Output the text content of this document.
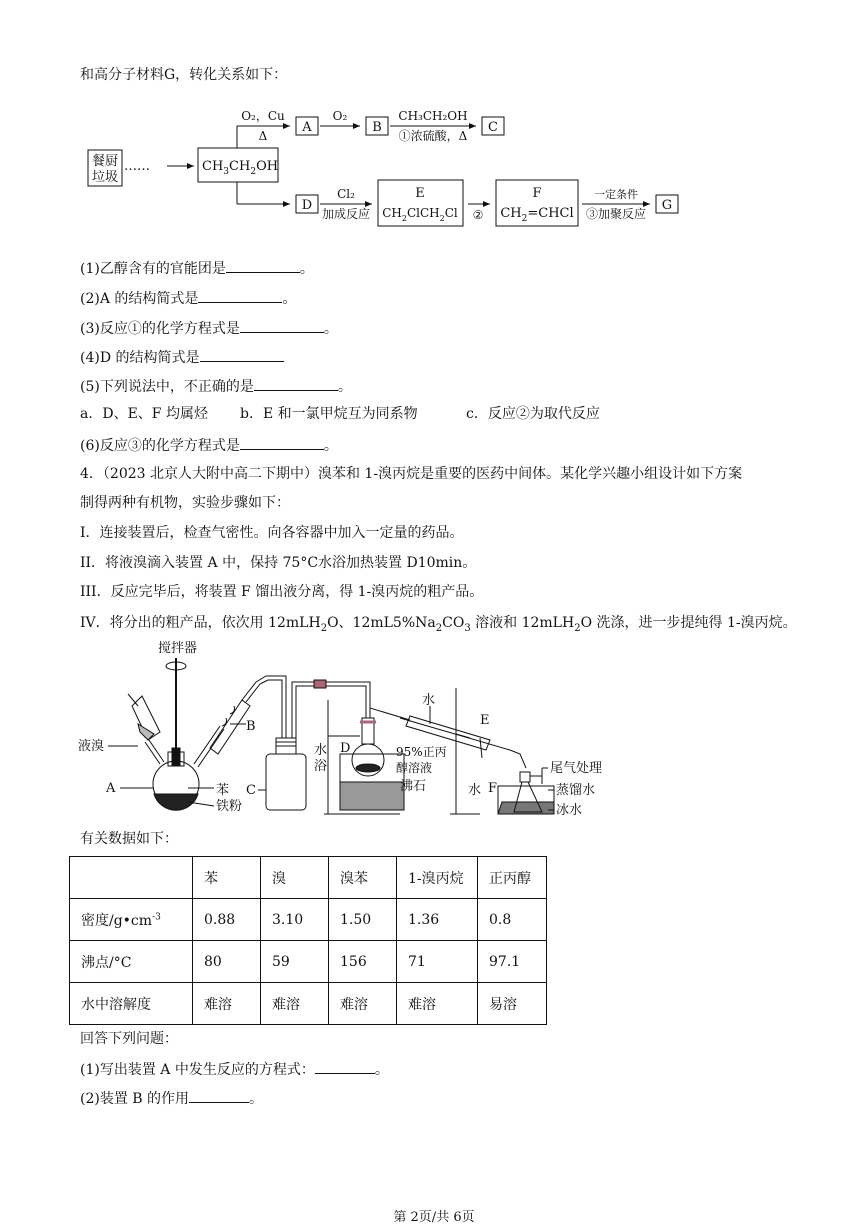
和高分子材料G，转化关系如下：
餐厨
垃圾
……	$CH_3CH_2OH$
O₂，Cu
Δ
A
O₂
B
CH₃CH₂OH
①浓硫酸，Δ
C
D
Cl₂
加成反应
E
$CH_2ClCH_2Cl$ ②
F
$CH_2=CHCl$
一定条件
③加聚反应
G
(1)乙醇含有的官能团是	。
(2)A 的结构简式是	。
(3)反应①的化学方程式是	。
(4)D 的结构简式是
(5)下列说法中，不正确的是	。
a．D、E、F 均属烃 b．E 和一氯甲烷互为同系物	c．反应②为取代反应
(6)反应③的化学方程式是	。
4．（2023 北京人大附中高二下期中）溴苯和 1-溴丙烷是重要的医药中间体。某化学兴趣小组设计如下方案
制得两种有机物，实验步骤如下：
I．连接装置后，检查气密性。向各容器中加入一定量的药品。
II．将液溴滴入装置 A 中，保持 75°C水浴加热装置 D10min。
III．反应完毕后，将装置 F 馏出液分离，得 1-溴丙烷的粗产品。
IV．将分出的粗产品，依次用 12mLH$_2$O、$12mL5\%Na_2CO_3$ 溶液和 12mLH$_2$O 洗涤，进一步提纯得 1-溴丙烷。
搅拌器
液溴
A
B
C
苯
铁粉
水
浴
D	95%正丙
醇溶液
沸石
水
水
E
F
尾气处理
蒸馏水
冰水
有关数据如下：
	苯	溴	溴苯	1-溴丙烷	正丙醇
密度$/g•cm^{-3}$	0.88	3.10	1.50	1.36	0.8
沸点/°C	80	59	156	71	97.1
水中溶解度	难溶	难溶	难溶	难溶	易溶
回答下列问题：
(1)写出装置 A 中发生反应的方程式：	。
(2)装置 B 的作用	。
第 2页/共 6页
